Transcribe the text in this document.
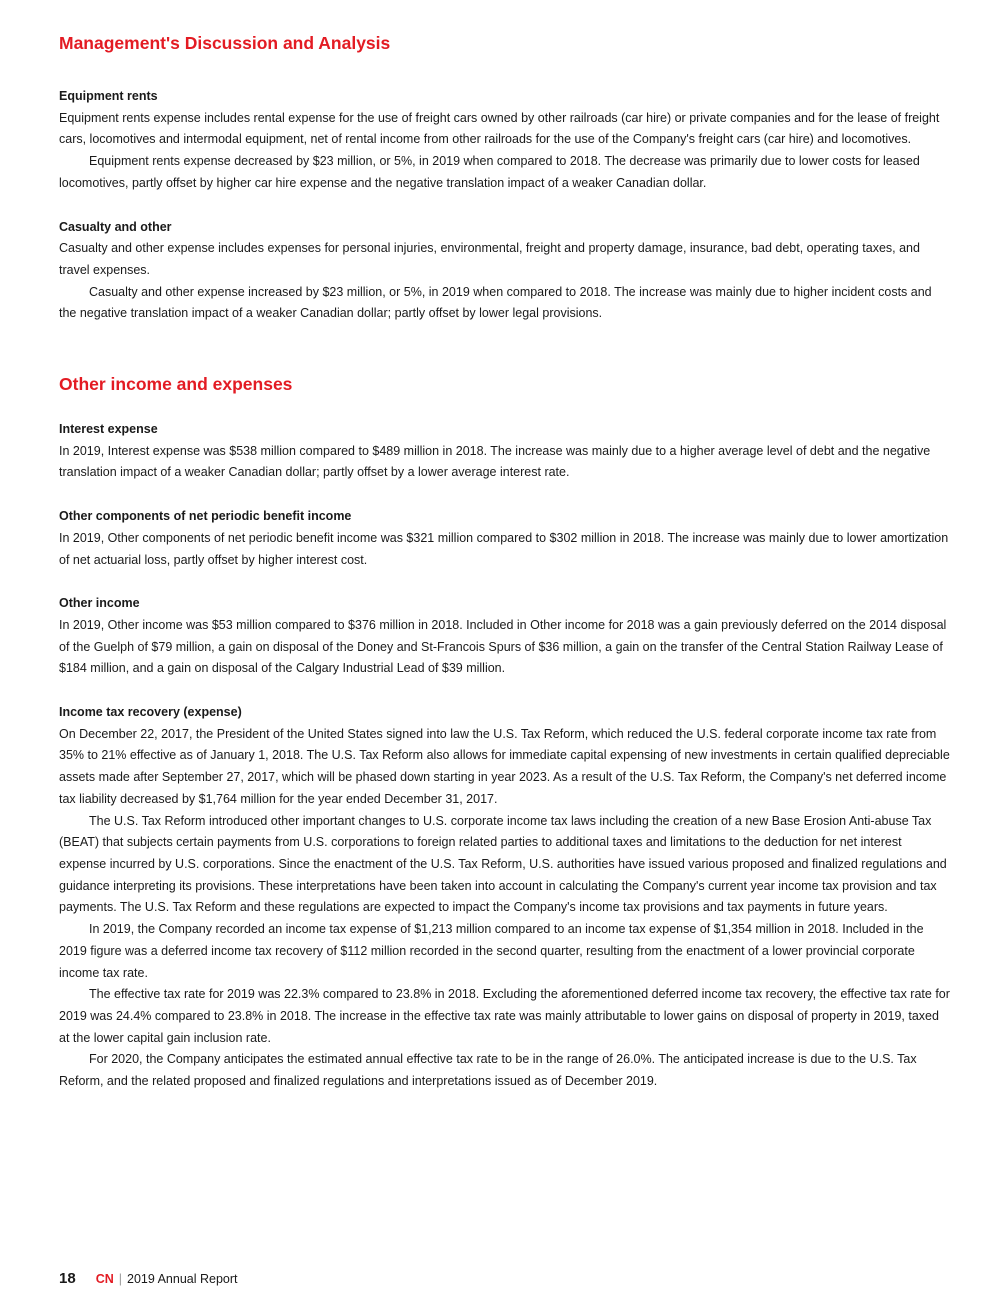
Management's Discussion and Analysis
Equipment rents

Equipment rents expense includes rental expense for the use of freight cars owned by other railroads (car hire) or private companies and for the lease of freight cars, locomotives and intermodal equipment, net of rental income from other railroads for the use of the Company's freight cars (car hire) and locomotives.

Equipment rents expense decreased by $23 million, or 5%, in 2019 when compared to 2018. The decrease was primarily due to lower costs for leased locomotives, partly offset by higher car hire expense and the negative translation impact of a weaker Canadian dollar.

Casualty and other

Casualty and other expense includes expenses for personal injuries, environmental, freight and property damage, insurance, bad debt, operating taxes, and travel expenses.

Casualty and other expense increased by $23 million, or 5%, in 2019 when compared to 2018. The increase was mainly due to higher incident costs and the negative translation impact of a weaker Canadian dollar; partly offset by lower legal provisions.

Other income and expenses
Interest expense

In 2019, Interest expense was $538 million compared to $489 million in 2018. The increase was mainly due to a higher average level of debt and the negative translation impact of a weaker Canadian dollar; partly offset by a lower average interest rate.

Other components of net periodic benefit income

In 2019, Other components of net periodic benefit income was $321 million compared to $302 million in 2018. The increase was mainly due to lower amortization of net actuarial loss, partly offset by higher interest cost.

Other income

In 2019, Other income was $53 million compared to $376 million in 2018. Included in Other income for 2018 was a gain previously deferred on the 2014 disposal of the Guelph of $79 million, a gain on disposal of the Doney and St-Francois Spurs of $36 million, a gain on the transfer of the Central Station Railway Lease of $184 million, and a gain on disposal of the Calgary Industrial Lead of $39 million.

Income tax recovery (expense)

On December 22, 2017, the President of the United States signed into law the U.S. Tax Reform, which reduced the U.S. federal corporate income tax rate from 35% to 21% effective as of January 1, 2018. The U.S. Tax Reform also allows for immediate capital expensing of new investments in certain qualified depreciable assets made after September 27, 2017, which will be phased down starting in year 2023. As a result of the U.S. Tax Reform, the Company's net deferred income tax liability decreased by $1,764 million for the year ended December 31, 2017.

The U.S. Tax Reform introduced other important changes to U.S. corporate income tax laws including the creation of a new Base Erosion Anti-abuse Tax (BEAT) that subjects certain payments from U.S. corporations to foreign related parties to additional taxes and limitations to the deduction for net interest expense incurred by U.S. corporations. Since the enactment of the U.S. Tax Reform, U.S. authorities have issued various proposed and finalized regulations and guidance interpreting its provisions. These interpretations have been taken into account in calculating the Company's current year income tax provision and tax payments. The U.S. Tax Reform and these regulations are expected to impact the Company's income tax provisions and tax payments in future years.

In 2019, the Company recorded an income tax expense of $1,213 million compared to an income tax expense of $1,354 million in 2018. Included in the 2019 figure was a deferred income tax recovery of $112 million recorded in the second quarter, resulting from the enactment of a lower provincial corporate income tax rate.

The effective tax rate for 2019 was 22.3% compared to 23.8% in 2018. Excluding the aforementioned deferred income tax recovery, the effective tax rate for 2019 was 24.4% compared to 23.8% in 2018. The increase in the effective tax rate was mainly attributable to lower gains on disposal of property in 2019, taxed at the lower capital gain inclusion rate.

For 2020, the Company anticipates the estimated annual effective tax rate to be in the range of 26.0%. The anticipated increase is due to the U.S. Tax Reform, and the related proposed and finalized regulations and interpretations issued as of December 2019.

18 CN | 2019 Annual Report
